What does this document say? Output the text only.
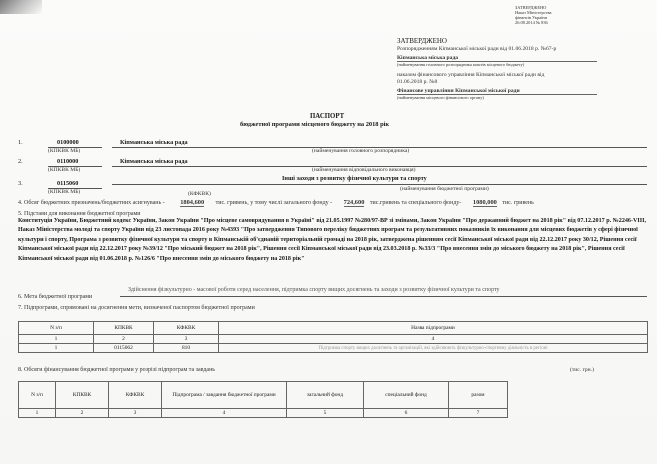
ЗАТВЕРДЖЕНО
Наказ Міністерства
фінансів України
26.08.2014 № 836
ЗАТВЕРДЖЕНО
Розпорядженням Кіпманської міської ради від 01.06.2018 р. №67-р
Кіпманська міська рада
(найменування головного розпорядника коштів місцевого бюджету)
наказом фінансового управління Кіпманської міської ради від
01.06.2018 р. №8
Фінансове управління Кіпманської міської ради
(найменування місцевого фінансового органу)
ПАСПОРТ
бюджетної програми місцевого бюджету на 2018 рік
1.	0100000	Кіпманська міська рада
(КПКВК МБ)	(найменування головного розпорядника)
2.	0110000	Кіпманська міська рада
(КПКВК МБ)	(найменування відповідального виконавця)
3.	0115060
Інші заходи з розвитку фізичної культури та спорту
(КПКВК МБ)	(КФКВК)
(найменування бюджетної програми)
4. Обсяг бюджетних призначень/бюджетних асигнувань - 1804,600 тис. гривень, у тому числі загального фонду - 724,600 тис.гривень та спеціального фонду- 1080,000 тис. гривень
5. Підстави для виконання бюджетної програми
Конституція України, Бюджетний кодекс України, Закон України "Про місцеве самоврядування в Україні" від 21.05.1997 №280/97-ВР зі змінами, Закон України "Про державний бюджет на 2018 рік" від 07.12.2017 р. №2246-VIII, Наказ Міністерства молоді та спорту України від 23 листопада 2016 року №4393 "Про затвердження Типового переліку бюджетних програм та результативних показників їх виконання для місцевих бюджетів у сфері фізичної культури і спорту, Програма з розвитку фізичної культури та спорту в Кіпманській об'єднаній територіальній громаді на 2018 рік, затверджена рішенням сесії Кіпманської міської ради від 22.12.2017 року 30/12, Рішення сесії Кіпманської міської ради від 22.12.2017 року №39/12 "Про міський бюджет на 2018 рік", Рішення сесії Кіпманської міської ради від 23.03.2018 р. №33/3 "Про внесення змін до міського бюджету на 2018 рік", Рішення сесії Кіпманської міської ради від 01.06.2018 р. №126/6 "Про внесення змін до міського бюджету на 2018 рік"
6. Мета бюджетної програми
Здійснення фізкультурно - масової роботи серед населення, підтримка спорту вищих досягнень та заходи з розвитку фізичної культури та спорту
7. Підпрограми, спрямовані на досягнення мети, визначеної паспортом бюджетної програми
N з/п	КПКВК	КФКВК	Назва підпрограми
1	2	3	4
1	0115062	810	Підтримка спорту вищих досягнень та організацій, які здійснюють фізкультурно-спортивну діяльність в регіоні
8. Обсяги фінансування бюджетної програми у розрізі підпрограм та завдань	(тис. грн.)
N з/п	КПКВК	КФКВК	Підпрограма / завдання бюджетної програми	загальний фонд	спеціальний фонд	разом
1	2	3	4	5	6	7
